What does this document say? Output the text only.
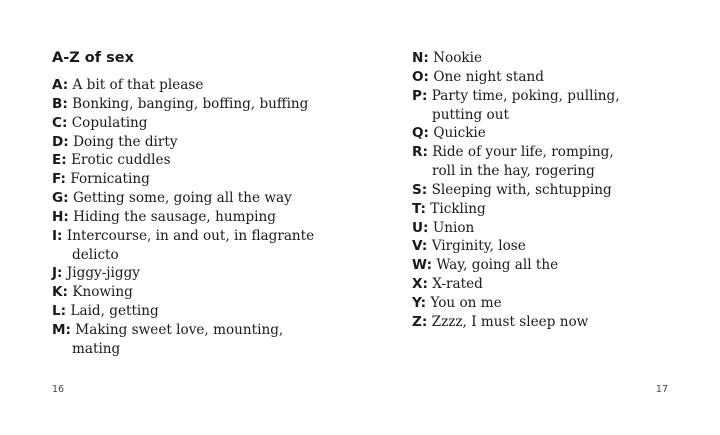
A-Z of sex
A: A bit of that please
B: Bonking, banging, boffing, buffing
C: Copulating
D: Doing the dirty
E: Erotic cuddles
F: Fornicating
G: Getting some, going all the way
H: Hiding the sausage, humping
I: Intercourse, in and out, in flagrante
delicto
J: Jiggy-jiggy
K: Knowing
L: Laid, getting
M: Making sweet love, mounting,
mating
16
N: Nookie
O: One night stand
P: Party time, poking, pulling,
putting out
Q: Quickie
R: Ride of your life, romping,
roll in the hay, rogering
S: Sleeping with, schtupping
T: Tickling
U: Union
V: Virginity, lose
W: Way, going all the
X: X-rated
Y: You on me
Z: Zzzz, I must sleep now
17
